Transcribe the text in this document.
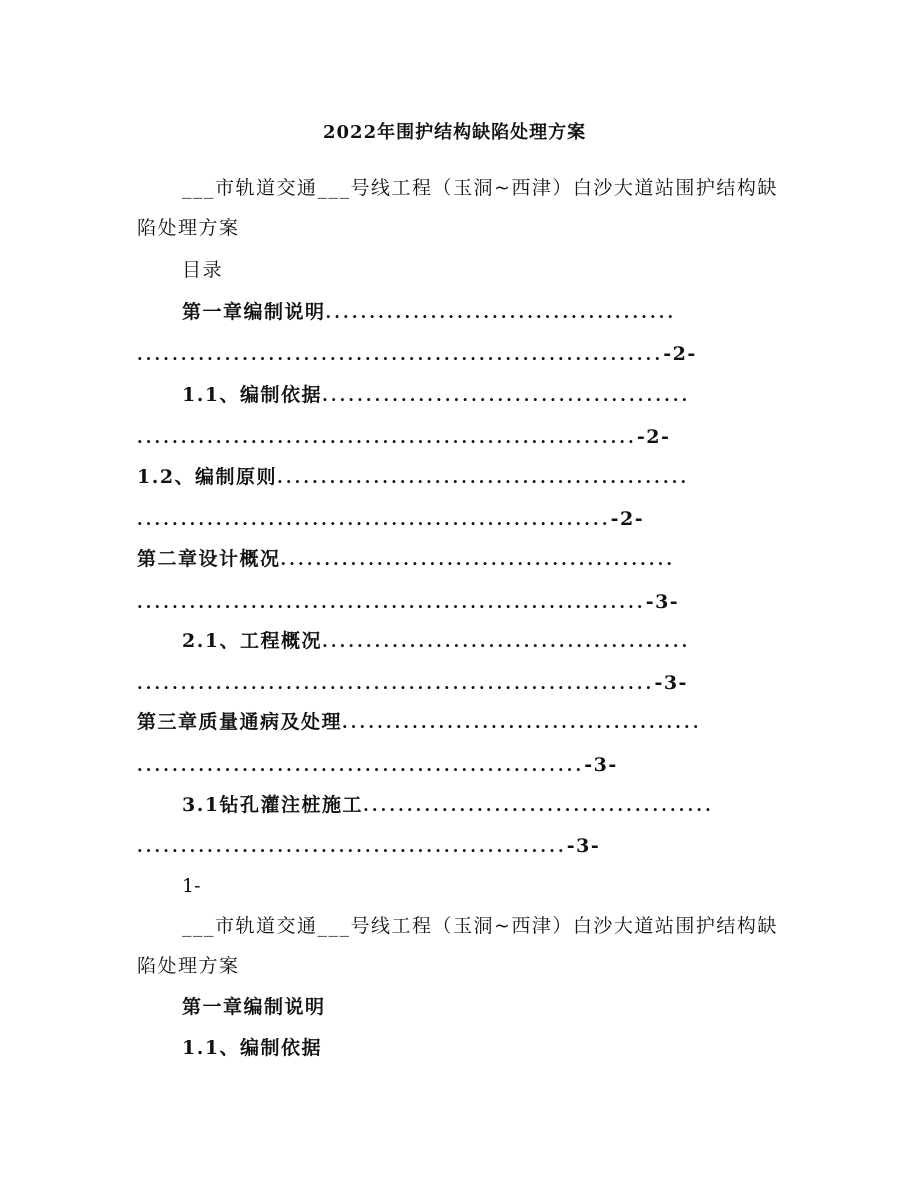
2022年围护结构缺陷处理方案
___市轨道交通___号线工程（玉洞~西津）白沙大道站围护结构缺
陷处理方案
目录
第一章编制说明........................................
............................................................-2-
1.1、编制依据..........................................
.........................................................-2-
1.2、编制原则...............................................
......................................................-2-
第二章设计概况.............................................
..........................................................-3-
2.1、工程概况..........................................
...........................................................-3-
第三章质量通病及处理.........................................
...................................................-3-
3.1钻孔灌注桩施工........................................
.................................................-3-
1-
___市轨道交通___号线工程（玉洞~西津）白沙大道站围护结构缺
陷处理方案
第一章编制说明
1.1、编制依据
